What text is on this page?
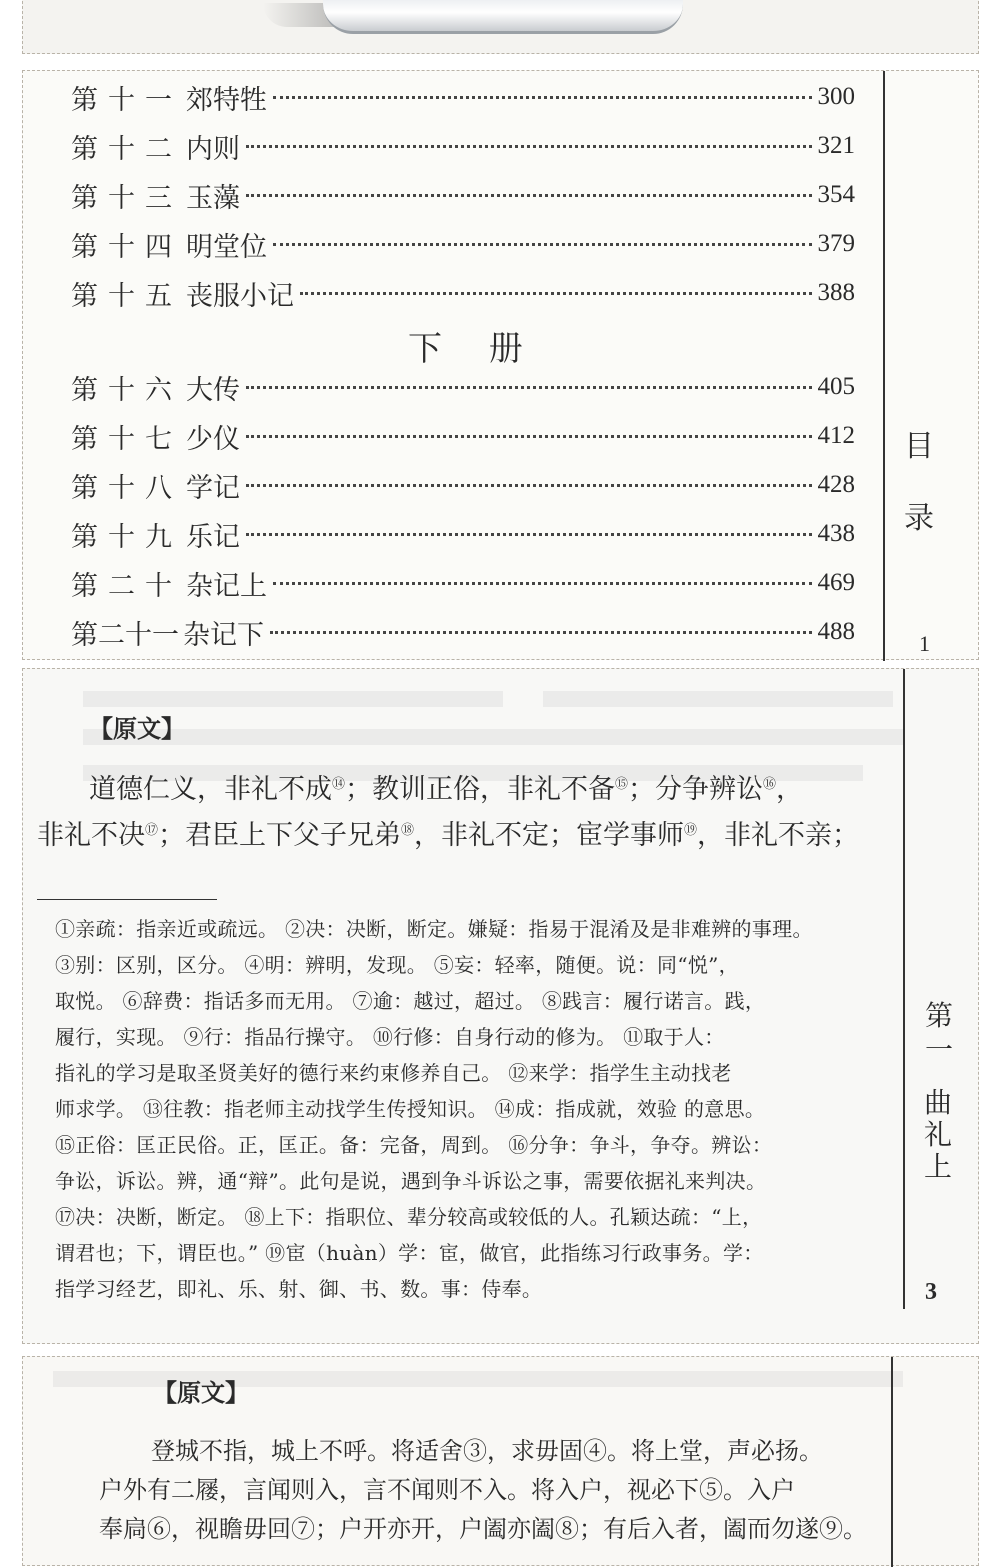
第十一 郊特牲	300
第十二 内则	321
第十三 玉藻	354
第十四 明堂位	379
第十五 丧服小记	388
下 册
第十六 大传	405
第十七 少仪	412
第十八 学记	428
第十九 乐记	438
第二十 杂记上	469
第二十一 杂记下	488
目
录
1
【原文】
道德仁义，非礼不成⑭；教训正俗，非礼不备⑮；分争辨讼⑯，
非礼不决⑰；君臣上下父子兄弟⑱，非礼不定；宦学事师⑲，非礼不亲；
①亲疏：指亲近或疏远。 ②决：决断，断定。嫌疑：指易于混淆及是非难辨的事理。
③别：区别，区分。 ④明：辨明，发现。 ⑤妄：轻率，随便。说：同“悦”，
取悦。 ⑥辞费：指话多而无用。 ⑦逾：越过，超过。 ⑧践言：履行诺言。践，
履行，实现。 ⑨行：指品行操守。 ⑩行修：自身行动的修为。 ⑪取于人：
指礼的学习是取圣贤美好的德行来约束修养自己。 ⑫来学：指学生主动找老
师求学。 ⑬往教：指老师主动找学生传授知识。 ⑭成：指成就，效验 的意思。
⑮正俗：匡正民俗。正，匡正。备：完备，周到。 ⑯分争：争斗，争夺。辨讼：
争讼，诉讼。辨，通“辩”。此句是说，遇到争斗诉讼之事，需要依据礼来判决。
⑰决：决断，断定。 ⑱上下：指职位、辈分较高或较低的人。孔颖达疏：“上，
谓君也；下，谓臣也。” ⑲宦（huàn）学：宦，做官，此指练习行政事务。学：
指学习经艺，即礼、乐、射、御、书、数。事：侍奉。
第一
曲礼上
3
【原文】
登城不指，城上不呼。将适舍③，求毋固④。将上堂，声必扬。
户外有二屦，言闻则入，言不闻则不入。将入户，视必下⑤。入户
奉扃⑥，视瞻毋回⑦；户开亦开，户阖亦阖⑧；有后入者，阖而勿遂⑨。
